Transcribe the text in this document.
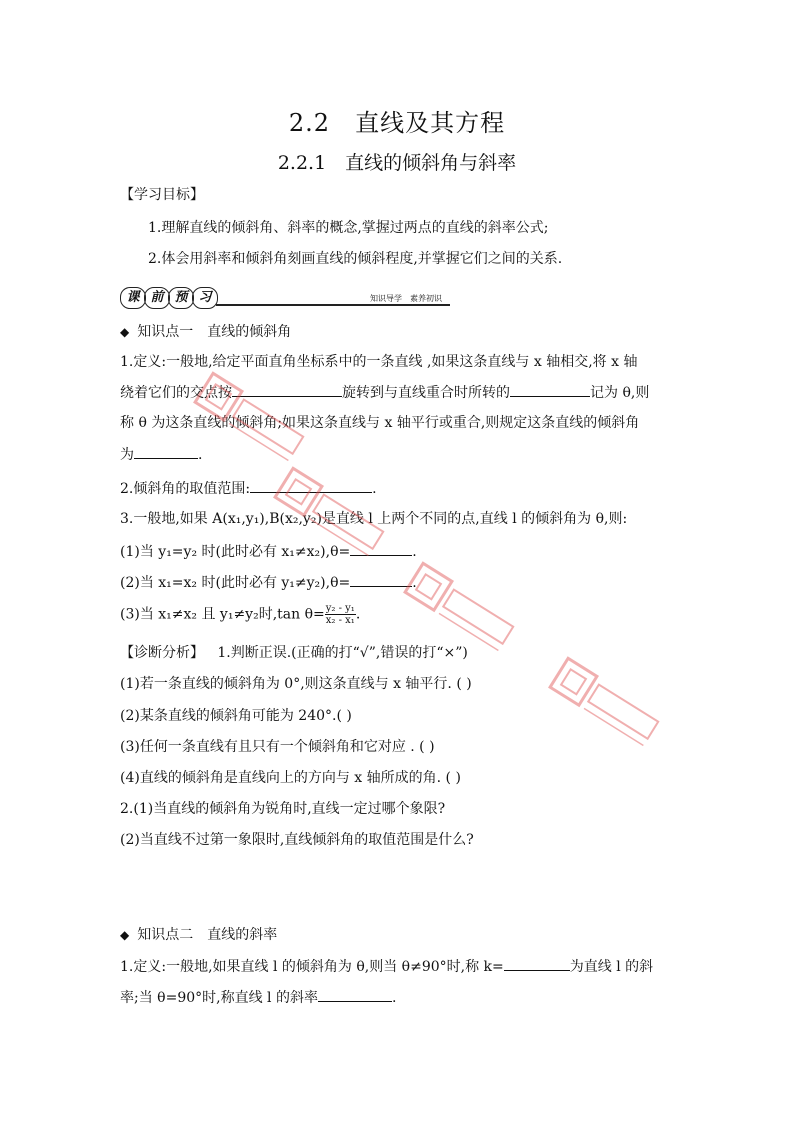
2.2　直线及其方程
2.2.1　直线的倾斜角与斜率
【学习目标】
1.理解直线的倾斜角、斜率的概念,掌握过两点的直线的斜率公式;
2.体会用斜率和倾斜角刻画直线的倾斜程度,并掌握它们之间的关系.
课 前 预 习	知识导学　素养初识
◆ 知识点一　直线的倾斜角
1.定义:一般地,给定平面直角坐标系中的一条直线 ,如果这条直线与 x 轴相交,将 x 轴
绕着它们的交点按	旋转到与直线重合时所转的	记为 θ,则
称 θ 为这条直线的倾斜角;如果这条直线与 x 轴平行或重合,则规定这条直线的倾斜角
为	.
2.倾斜角的取值范围:	.
3.一般地,如果 A(x₁,y₁),B(x₂,y₂)是直线 l 上两个不同的点,直线 l 的倾斜角为 θ,则:
(1)当 y₁=y₂ 时(此时必有 x₁≠x₂),θ=	.
(2)当 x₁=x₂ 时(此时必有 y₁≠y₂),θ=	.
(3)当 x₁≠x₂ 且 y₁≠y₂时,tan $\theta= \frac{\text{y₂ - y₁}}{\text{x₂ - x₁}}$ .
【诊断分析】 1.判断正误.(正确的打“√”,错误的打“×”)
(1)若一条直线的倾斜角为 0°,则这条直线与 x 轴平行. ( )
(2)某条直线的倾斜角可能为 240°.( )
(3)任何一条直线有且只有一个倾斜角和它对应 . ( )
(4)直线的倾斜角是直线向上的方向与 x 轴所成的角. ( )
2.(1)当直线的倾斜角为锐角时,直线一定过哪个象限?
(2)当直线不过第一象限时,直线倾斜角的取值范围是什么?
◆ 知识点二　直线的斜率
1.定义:一般地,如果直线 l 的倾斜角为 θ,则当 θ≠90°时,称 k=	为直线 l 的斜
率;当 θ=90°时,称直线 l 的斜率	.
